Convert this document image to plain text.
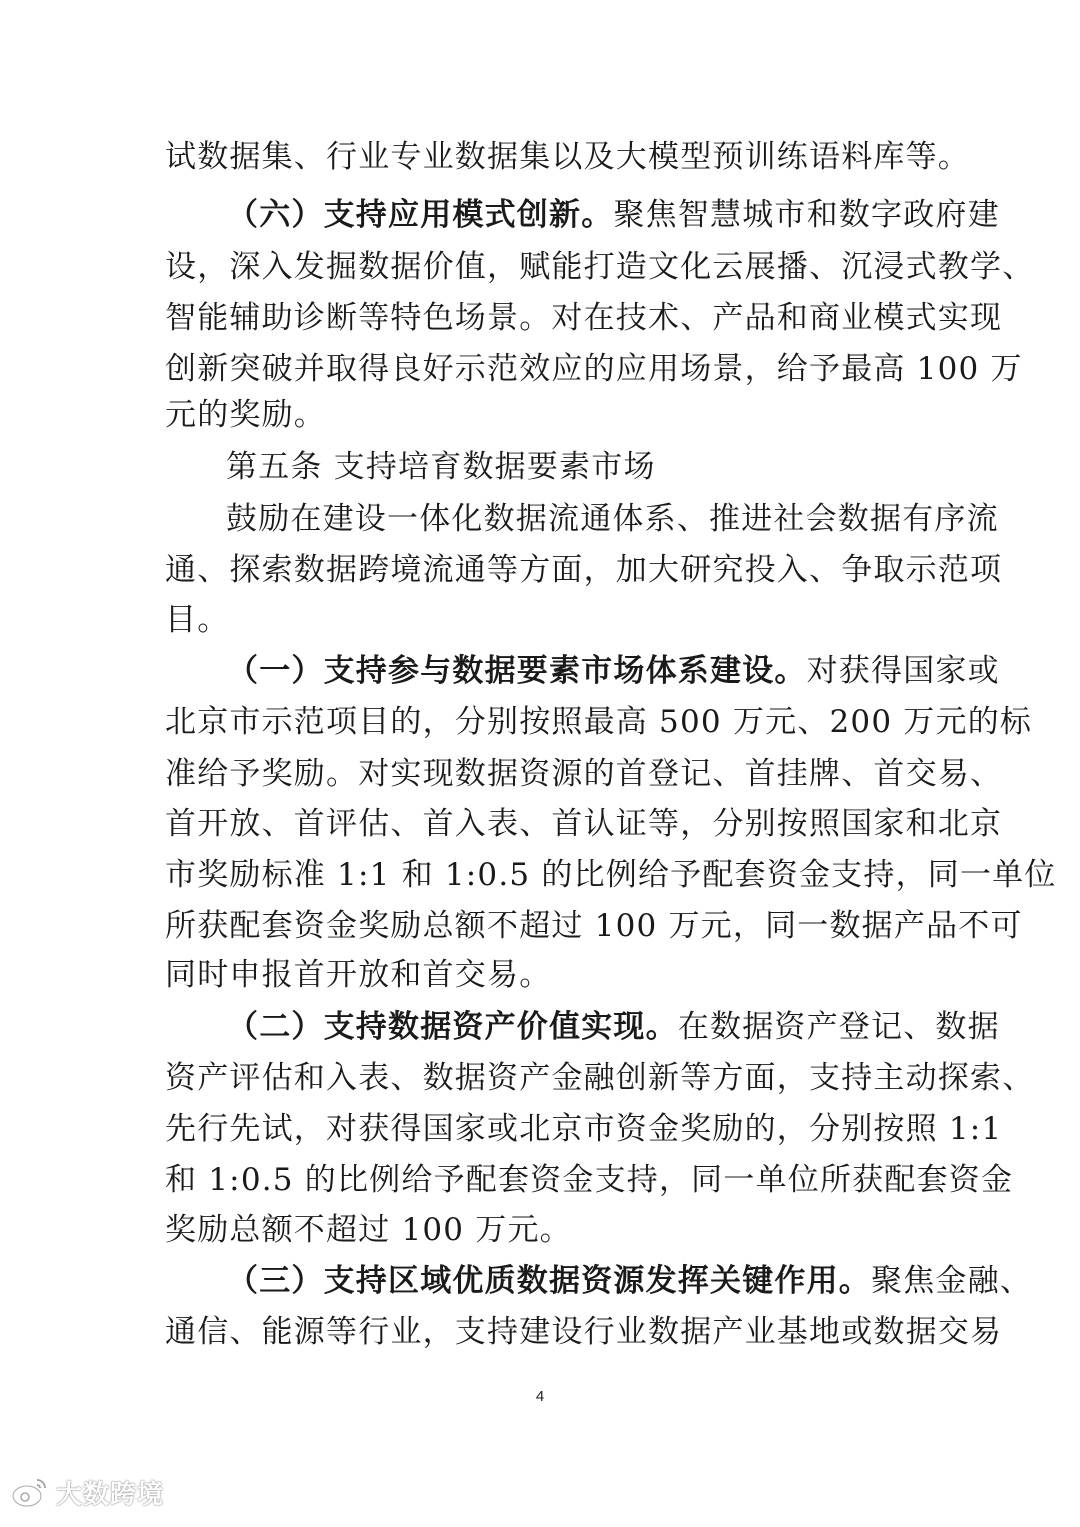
试数据集、行业专业数据集以及大模型预训练语料库等。
（六）支持应用模式创新。聚焦智慧城市和数字政府建
设，深入发掘数据价值，赋能打造文化云展播、沉浸式教学、
智能辅助诊断等特色场景。对在技术、产品和商业模式实现
创新突破并取得良好示范效应的应用场景，给予最高 100 万
元的奖励。
第五条 支持培育数据要素市场
鼓励在建设一体化数据流通体系、推进社会数据有序流
通、探索数据跨境流通等方面，加大研究投入、争取示范项
目。
（一）支持参与数据要素市场体系建设。对获得国家或
北京市示范项目的，分别按照最高 500 万元、200 万元的标
准给予奖励。对实现数据资源的首登记、首挂牌、首交易、
首开放、首评估、首入表、首认证等，分别按照国家和北京
市奖励标准 1:1 和 1:0.5 的比例给予配套资金支持，同一单位
所获配套资金奖励总额不超过 100 万元，同一数据产品不可
同时申报首开放和首交易。
（二）支持数据资产价值实现。在数据资产登记、数据
资产评估和入表、数据资产金融创新等方面，支持主动探索、
先行先试，对获得国家或北京市资金奖励的，分别按照 1:1
和 1:0.5 的比例给予配套资金支持，同一单位所获配套资金
奖励总额不超过 100 万元。
（三）支持区域优质数据资源发挥关键作用。聚焦金融、
通信、能源等行业，支持建设行业数据产业基地或数据交易
4
大数跨境
